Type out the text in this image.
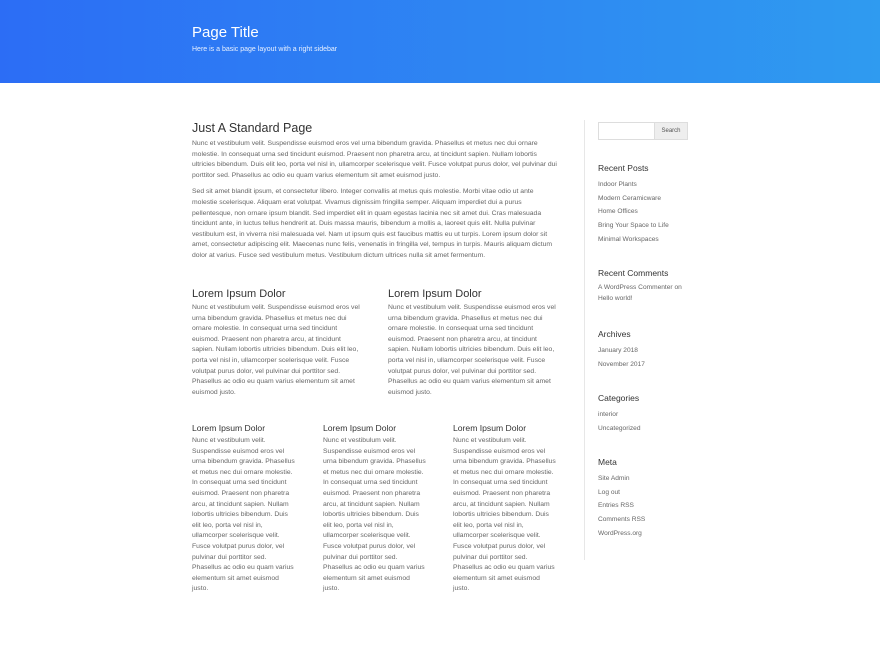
Page Title
Here is a basic page layout with a right sidebar
Just A Standard Page

Nunc et vestibulum velit. Suspendisse euismod eros vel urna bibendum gravida. Phasellus et metus nec dui ornare molestie. In consequat urna sed tincidunt euismod. Praesent non pharetra arcu, at tincidunt sapien. Nullam lobortis ultricies bibendum. Duis elit leo, porta vel nisl in, ullamcorper scelerisque velit. Fusce volutpat purus dolor, vel pulvinar dui porttitor sed. Phasellus ac odio eu quam varius elementum sit amet euismod justo.

Sed sit amet blandit ipsum, et consectetur libero. Integer convallis at metus quis molestie. Morbi vitae odio ut ante molestie scelerisque. Aliquam erat volutpat. Vivamus dignissim fringilla semper. Aliquam imperdiet dui a purus pellentesque, non ornare ipsum blandit. Sed imperdiet elit in quam egestas lacinia nec sit amet dui. Cras malesuada tincidunt ante, in luctus tellus hendrerit at. Duis massa mauris, bibendum a mollis a, laoreet quis elit. Nulla pulvinar vestibulum est, in viverra nisi malesuada vel. Nam ut ipsum quis est faucibus mattis eu ut turpis. Lorem ipsum dolor sit amet, consectetur adipiscing elit. Maecenas nunc felis, venenatis in fringilla vel, tempus in turpis. Mauris aliquam dictum dolor at varius. Fusce sed vestibulum metus. Vestibulum dictum ultrices nulla sit amet fermentum.

Lorem Ipsum Dolor

Nunc et vestibulum velit. Suspendisse euismod eros vel urna bibendum gravida. Phasellus et metus nec dui ornare molestie. In consequat urna sed tincidunt euismod. Praesent non pharetra arcu, at tincidunt sapien. Nullam lobortis ultricies bibendum. Duis elit leo, porta vel nisl in, ullamcorper scelerisque velit. Fusce volutpat purus dolor, vel pulvinar dui porttitor sed. Phasellus ac odio eu quam varius elementum sit amet euismod justo.

Lorem Ipsum Dolor

Nunc et vestibulum velit. Suspendisse euismod eros vel urna bibendum gravida. Phasellus et metus nec dui ornare molestie. In consequat urna sed tincidunt euismod. Praesent non pharetra arcu, at tincidunt sapien. Nullam lobortis ultricies bibendum. Duis elit leo, porta vel nisl in, ullamcorper scelerisque velit. Fusce volutpat purus dolor, vel pulvinar dui porttitor sed. Phasellus ac odio eu quam varius elementum sit amet euismod justo.

Lorem Ipsum Dolor

Nunc et vestibulum velit. Suspendisse euismod eros vel urna bibendum gravida. Phasellus et metus nec dui ornare molestie. In consequat urna sed tincidunt euismod. Praesent non pharetra arcu, at tincidunt sapien. Nullam lobortis ultricies bibendum. Duis elit leo, porta vel nisl in, ullamcorper scelerisque velit. Fusce volutpat purus dolor, vel pulvinar dui porttitor sed. Phasellus ac odio eu quam varius elementum sit amet euismod justo.

Lorem Ipsum Dolor

Nunc et vestibulum velit. Suspendisse euismod eros vel urna bibendum gravida. Phasellus et metus nec dui ornare molestie. In consequat urna sed tincidunt euismod. Praesent non pharetra arcu, at tincidunt sapien. Nullam lobortis ultricies bibendum. Duis elit leo, porta vel nisl in, ullamcorper scelerisque velit. Fusce volutpat purus dolor, vel pulvinar dui porttitor sed. Phasellus ac odio eu quam varius elementum sit amet euismod justo.

Lorem Ipsum Dolor

Nunc et vestibulum velit. Suspendisse euismod eros vel urna bibendum gravida. Phasellus et metus nec dui ornare molestie. In consequat urna sed tincidunt euismod. Praesent non pharetra arcu, at tincidunt sapien. Nullam lobortis ultricies bibendum. Duis elit leo, porta vel nisl in, ullamcorper scelerisque velit. Fusce volutpat purus dolor, vel pulvinar dui porttitor sed. Phasellus ac odio eu quam varius elementum sit amet euismod justo.

Search
Recent Posts
Indoor Plants
Modern Ceramicware
Home Offices
Bring Your Space to Life
Minimal Workspaces
Recent Comments
A WordPress Commenter on
Hello world!
Archives
January 2018
November 2017
Categories
interior
Uncategorized
Meta
Site Admin
Log out
Entries RSS
Comments RSS
WordPress.org
